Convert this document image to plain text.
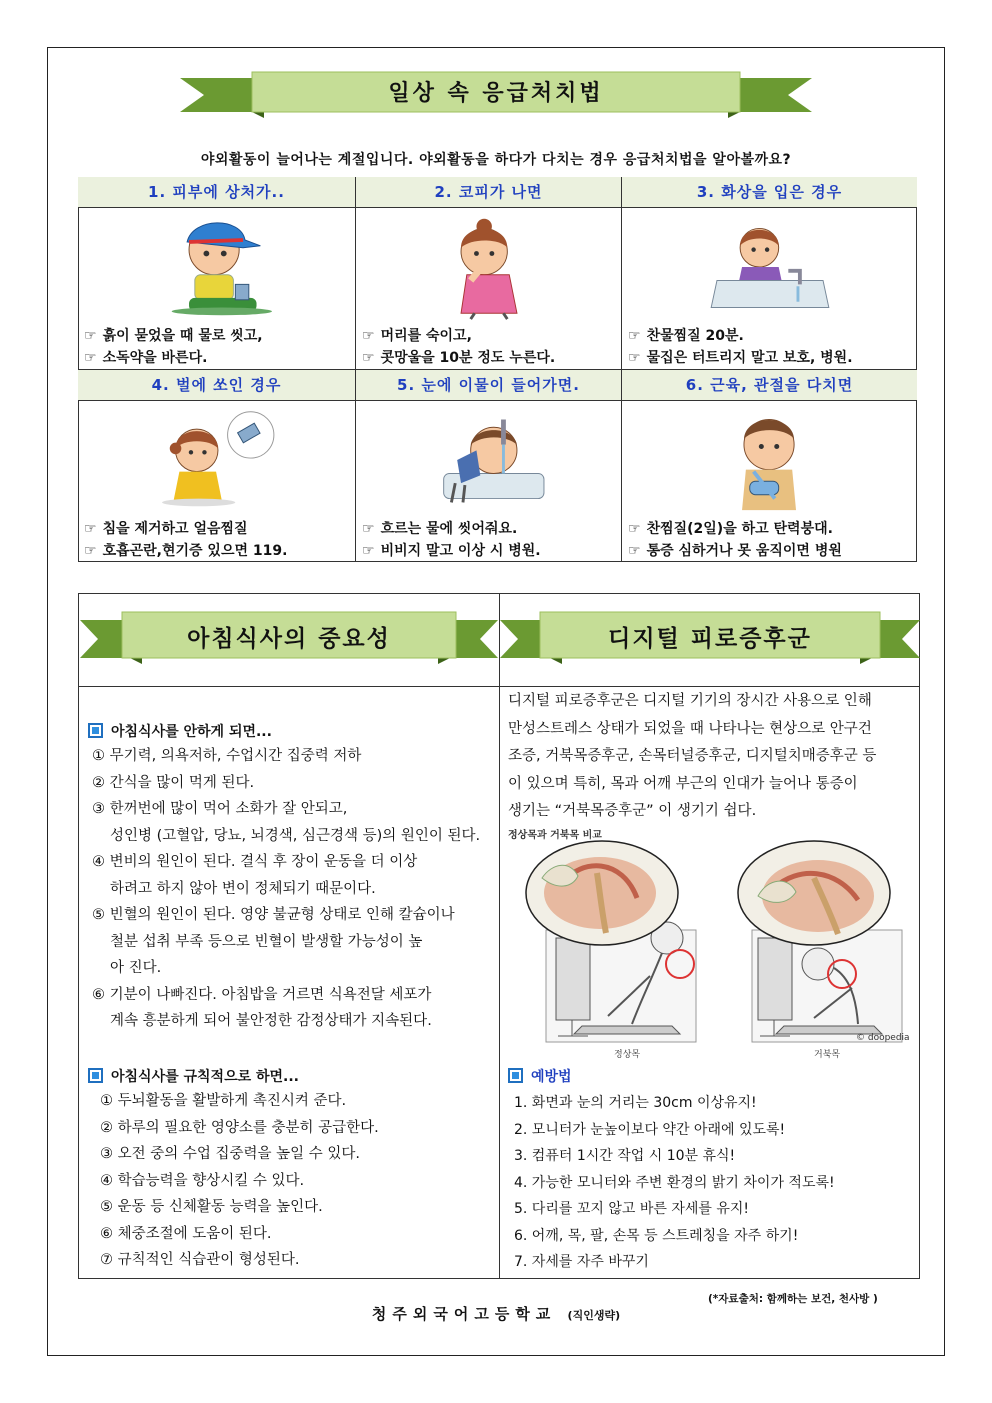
일상 속 응급처치법
야외활동이 늘어나는 계절입니다. 야외활동을 하다가 다치는 경우 응급처치법을 알아볼까요?
1. 피부에 상처가..
☞ 흙이 묻었을 때 물로 씻고,
☞ 소독약을 바른다.
2. 코피가 나면
☞ 머리를 숙이고,
☞ 콧망울을 10분 정도 누른다.
3. 화상을 입은 경우
☞ 찬물찜질 20분.
☞ 물집은 터트리지 말고 보호, 병원.
4. 벌에 쏘인 경우
☞ 침을 제거하고 얼음찜질
☞ 호흡곤란,현기증 있으면 119.
5. 눈에 이물이 들어가면.
☞ 흐르는 물에 씻어줘요.
☞ 비비지 말고 이상 시 병원.
6. 근육, 관절을 다치면
☞ 찬찜질(2일)을 하고 탄력붕대.
☞ 통증 심하거나 못 움직이면 병원
아침식사의 중요성	디지털 피로증후군
아침식사를 안하게 되면...
① 무기력, 의욕저하, 수업시간 집중력 저하
② 간식을 많이 먹게 된다.
③ 한꺼번에 많이 먹어 소화가 잘 안되고,
성인병 (고혈압, 당뇨, 뇌경색, 심근경색 등)의 원인이 된다.
④ 변비의 원인이 된다. 결식 후 장이 운동을 더 이상
하려고 하지 않아 변이 정체되기 때문이다.
⑤ 빈혈의 원인이 된다. 영양 불균형 상태로 인해 칼슘이나
철분 섭취 부족 등으로 빈혈이 발생할 가능성이 높
아 진다.
⑥ 기분이 나빠진다. 아침밥을 거르면 식욕전달 세포가
계속 흥분하게 되어 불안정한 감정상태가 지속된다.
아침식사를 규칙적으로 하면...
① 두뇌활동을 활발하게 촉진시켜 준다.
② 하루의 필요한 영양소를 충분히 공급한다.
③ 오전 중의 수업 집중력을 높일 수 있다.
④ 학습능력을 향상시킬 수 있다.
⑤ 운동 등 신체활동 능력을 높인다.
⑥ 체중조절에 도움이 된다.
⑦ 규칙적인 식습관이 형성된다.
디지털 피로증후군은 디지털 기기의 장시간 사용으로 인해
만성스트레스 상태가 되었을 때 나타나는 현상으로 안구건
조증, 거북목증후군, 손목터널증후군, 디지털치매증후군 등
이 있으며 특히, 목과 어깨 부근의 인대가 늘어나 통증이
생기는 “거북목증후군” 이 생기기 쉽다.
정상목과 거북목 비교
정상목	거북목
© doopedia
예방법
1. 화면과 눈의 거리는 30cm 이상유지!
2. 모니터가 눈높이보다 약간 아래에 있도록!
3. 컴퓨터 1시간 작업 시 10분 휴식!
4. 가능한 모니터와 주변 환경의 밝기 차이가 적도록!
5. 다리를 꼬지 않고 바른 자세를 유지!
6. 어깨, 목, 팔, 손목 등 스트레칭을 자주 하기!
7. 자세를 자주 바꾸기
(*자료출처: 함께하는 보건, 천사방 )
청주외국어고등학교 (직인생략)
